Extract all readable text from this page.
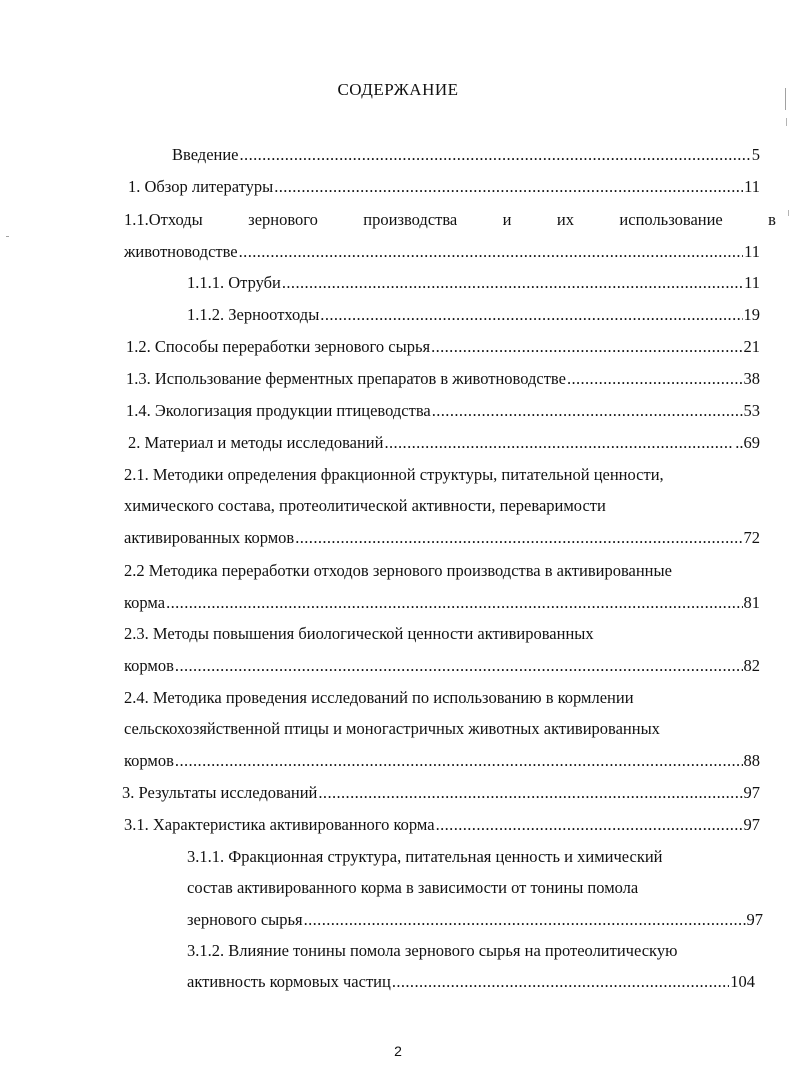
СОДЕРЖАНИЕ
Введение .....	5
1. Обзор литературы .....	11
1.1.Отходы	зернового	производства	и	их	использование	в
животноводстве .....	11
1.1.1. Отруби .....	11
1.1.2. Зерноотходы .....	19
1.2. Способы переработки зернового сырья .....	21
1.3. Использование ферментных препаратов в животноводстве .....	38
1.4. Экологизация продукции птицеводства .....	53
2. Материал и методы исследований .....	..69
2.1. Методики определения фракционной структуры, питательной ценности,
химического состава, протеолитической активности, переваримости
активированных кормов .....	72
2.2 Методика переработки отходов зернового производства в активированные
корма .....	81
2.3. Методы повышения биологической ценности активированных
кормов .....	82
2.4. Методика проведения исследований по использованию в кормлении
сельскохозяйственной птицы и моногастричных животных активированных
кормов .....	88
3. Результаты исследований .....	97
3.1. Характеристика активированного корма .....	97
3.1.1. Фракционная структура, питательная ценность и химический
состав активированного корма в зависимости от тонины помола
зернового сырья .....	97
3.1.2. Влияние тонины помола зернового сырья на протеолитическую
активность кормовых частиц .....	104
2
